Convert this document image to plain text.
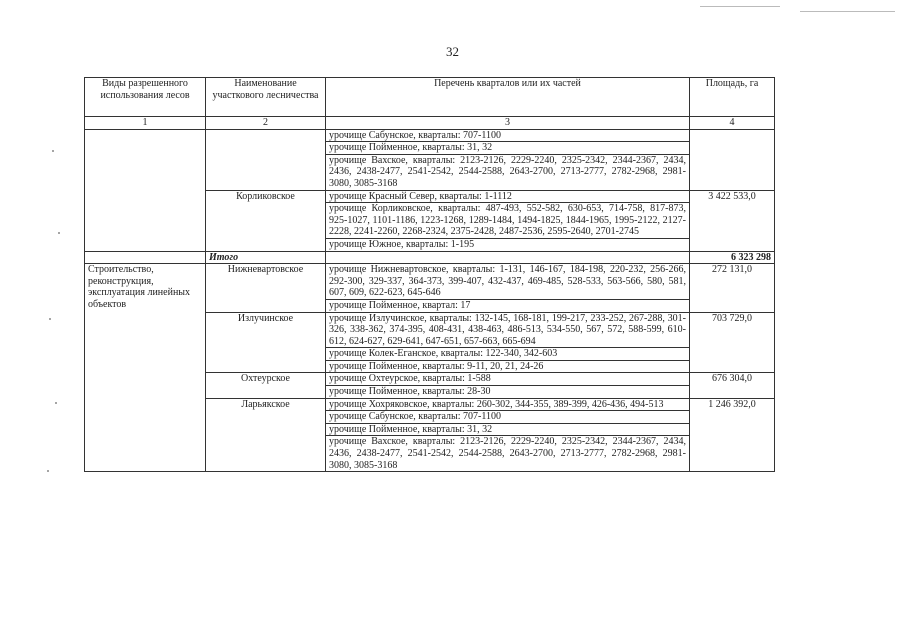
32
Виды разрешенного использования лесов	Наименование участкового лесничества	Перечень кварталов или их частей	Площадь, га
1	2	3	4
		урочище Сабунское, кварталы: 707-1100	
		урочище Пойменное, кварталы: 31, 32	
		урочище Вахское, кварталы: 2123-2126, 2229-2240, 2325-2342, 2344-2367, 2434, 2436, 2438-2477, 2541-2542, 2544-2588, 2643-2700, 2713-2777, 2782-2968, 2981-3080, 3085-3168	
	Корликовское	урочище Красный Север, кварталы: 1-1112	3 422 533,0
		урочище Корликовское, кварталы: 487-493, 552-582, 630-653, 714-758, 817-873, 925-1027, 1101-1186, 1223-1268, 1289-1484, 1494-1825, 1844-1965, 1995-2122, 2127-2228, 2241-2260, 2268-2324, 2375-2428, 2487-2536, 2595-2640, 2701-2745	
		урочище Южное, кварталы: 1-195	
	Итого		6 323 298
Строительство, реконструкция, эксплуатация линейных объектов	Нижневартовское	урочище Нижневартовское, кварталы: 1-131, 146-167, 184-198, 220-232, 256-266, 292-300, 329-337, 364-373, 399-407, 432-437, 469-485, 528-533, 563-566, 580, 581, 607, 609, 622-623, 645-646	272 131,0
		урочище Пойменное, квартал: 17	
	Излучинское	урочище Излучинское, кварталы: 132-145, 168-181, 199-217, 233-252, 267-288, 301-326, 338-362, 374-395, 408-431, 438-463, 486-513, 534-550, 567, 572, 588-599, 610-612, 624-627, 629-641, 647-651, 657-663, 665-694	703 729,0
		урочище Колек-Еганское, кварталы: 122-340, 342-603	
		урочище Пойменное, кварталы: 9-11, 20, 21, 24-26	
	Охтеурское	урочище Охтеурское, кварталы: 1-588	676 304,0
		урочище Пойменное, кварталы: 28-30	
	Ларьякское	урочище Хохряковское, кварталы: 260-302, 344-355, 389-399, 426-436, 494-513	1 246 392,0
		урочище Сабунское, кварталы: 707-1100	
		урочище Пойменное, кварталы: 31, 32	
		урочище Вахское, кварталы: 2123-2126, 2229-2240, 2325-2342, 2344-2367, 2434, 2436, 2438-2477, 2541-2542, 2544-2588, 2643-2700, 2713-2777, 2782-2968, 2981-3080, 3085-3168	
